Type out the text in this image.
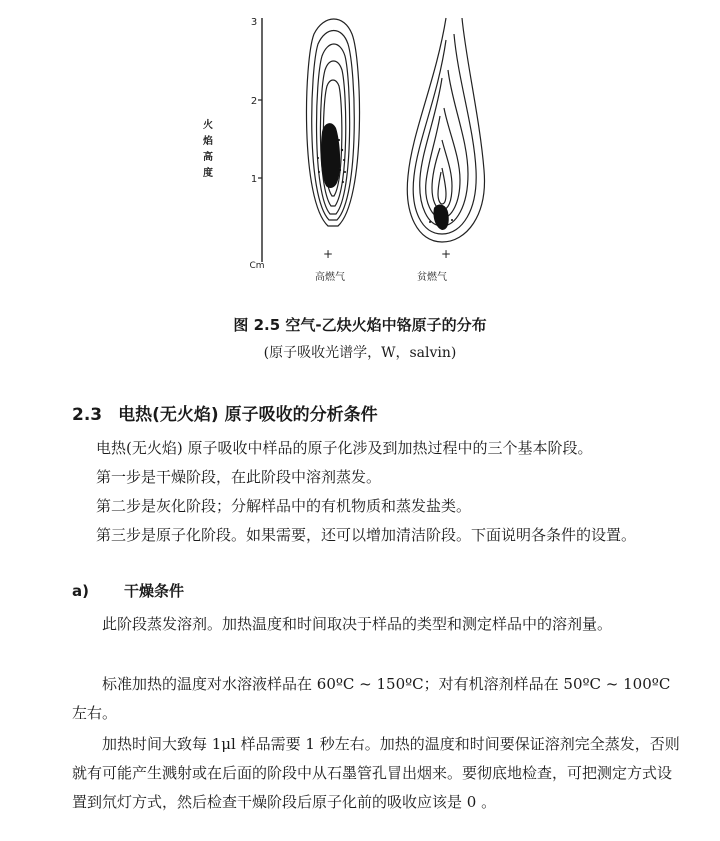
3
2
1
Cm
火
焰
高
度
+
高燃气
+
贫燃气
图 2.5 空气-乙炔火焰中铬原子的分布
(原子吸收光谱学，W，salvin)
2.3 电热(无火焰) 原子吸收的分析条件
电热(无火焰) 原子吸收中样品的原子化涉及到加热过程中的三个基本阶段。
第一步是干燥阶段，在此阶段中溶剂蒸发。
第二步是灰化阶段；分解样品中的有机物质和蒸发盐类。
第三步是原子化阶段。如果需要，还可以增加清洁阶段。下面说明各条件的设置。
a) 干燥条件
此阶段蒸发溶剂。加热温度和时间取决于样品的类型和测定样品中的溶剂量。
标准加热的温度对水溶液样品在 60ºC ~ 150ºC；对有机溶剂样品在 50ºC ~ 100ºC 左右。
加热时间大致每 1μl 样品需要 1 秒左右。加热的温度和时间要保证溶剂完全蒸发，否则就有可能产生溅射或在后面的阶段中从石墨管孔冒出烟来。要彻底地检查，可把测定方式设置到氘灯方式，然后检查干燥阶段后原子化前的吸收应该是 0 。
